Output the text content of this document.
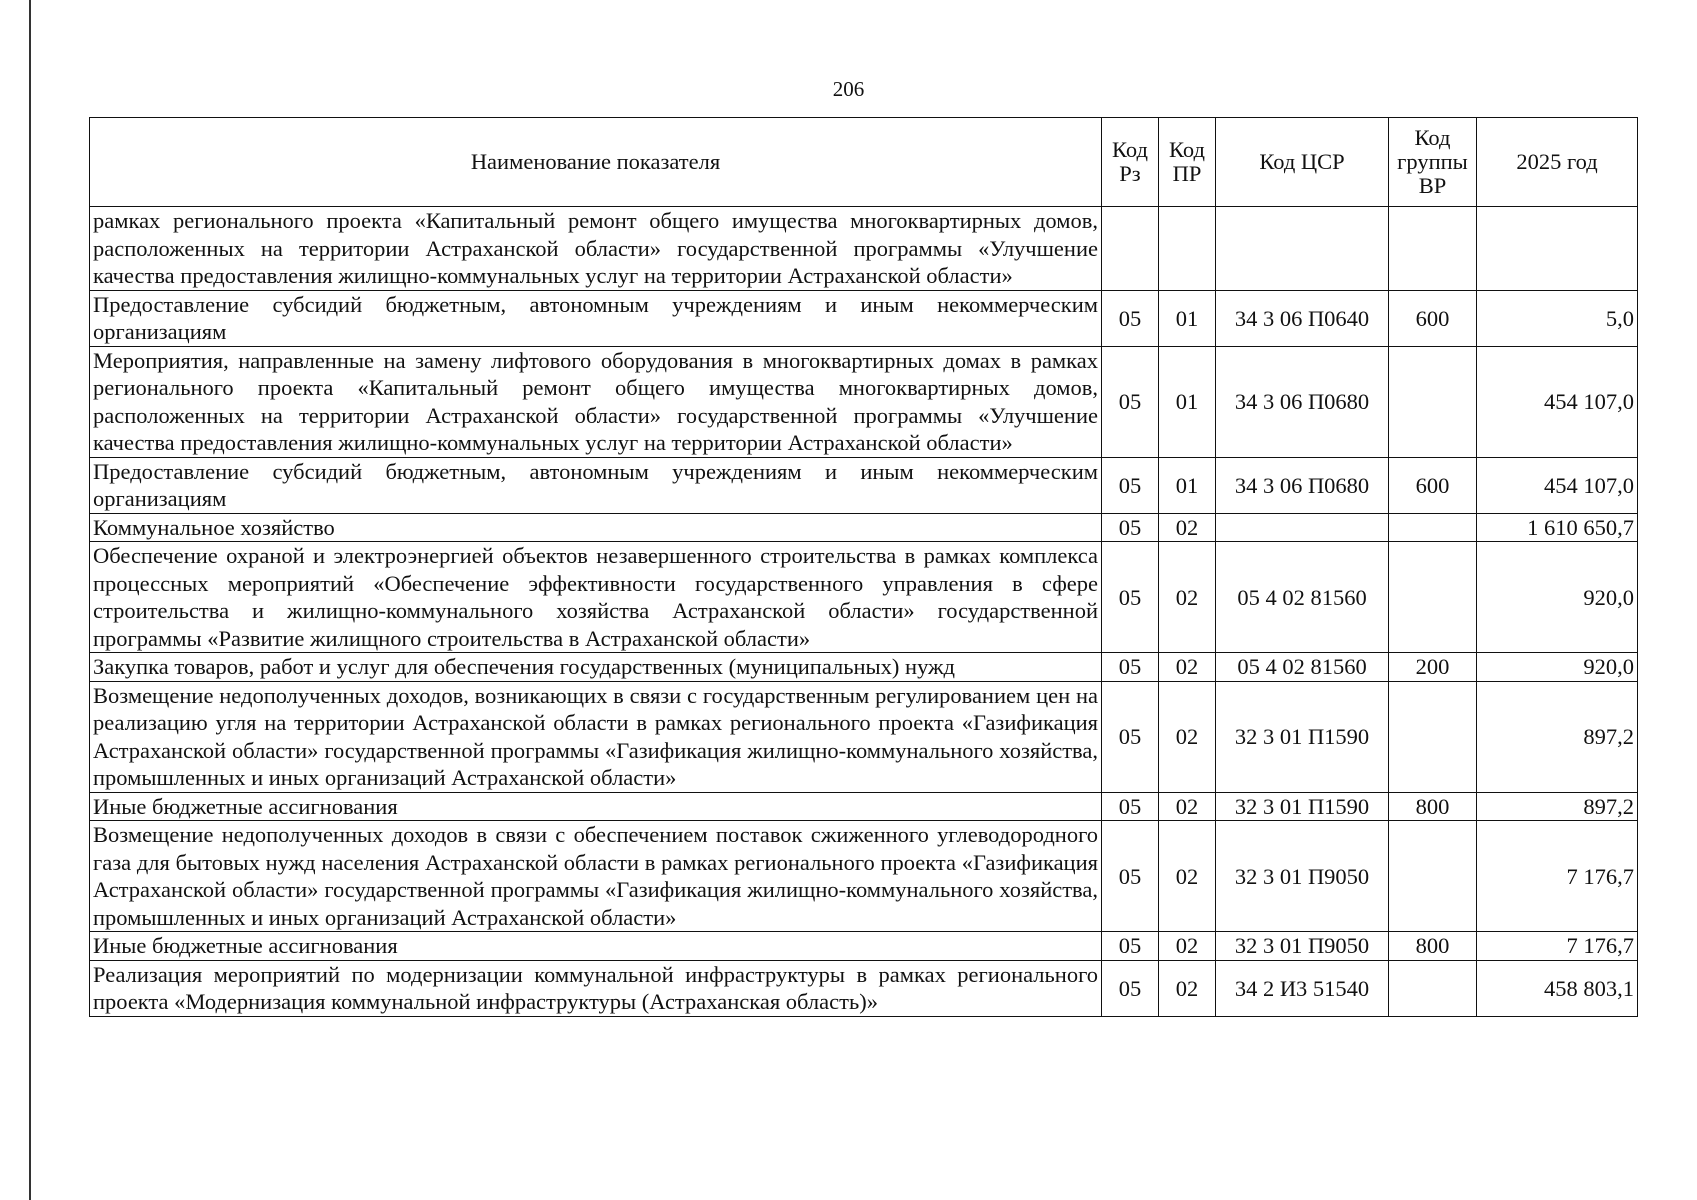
206
Наименование показателя	Код Рз	Код ПР	Код ЦСР	Код группы ВР	2025 год
рамках регионального проекта «Капитальный ремонт общего имущества многоквартирных домов, расположенных на территории Астраханской области» государственной программы «Улучшение качества предоставления жилищно-коммунальных услуг на территории Астраханской области»					
Предоставление субсидий бюджетным, автономным учреждениям и иным некоммерческим организациям	05	01	34 3 06 П0640	600	5,0
Мероприятия, направленные на замену лифтового оборудования в многоквартирных домах в рамках регионального проекта «Капитальный ремонт общего имущества многоквартирных домов, расположенных на территории Астраханской области» государственной программы «Улучшение качества предоставления жилищно-коммунальных услуг на территории Астраханской области»	05	01	34 3 06 П0680		454 107,0
Предоставление субсидий бюджетным, автономным учреждениям и иным некоммерческим организациям	05	01	34 3 06 П0680	600	454 107,0
Коммунальное хозяйство	05	02			1 610 650,7
Обеспечение охраной и электроэнергией объектов незавершенного строительства в рамках комплекса процессных мероприятий «Обеспечение эффективности государственного управления в сфере строительства и жилищно-коммунального хозяйства Астраханской области» государственной программы «Развитие жилищного строительства в Астраханской области»	05	02	05 4 02 81560		920,0
Закупка товаров, работ и услуг для обеспечения государственных (муниципальных) нужд	05	02	05 4 02 81560	200	920,0
Возмещение недополученных доходов, возникающих в связи с государственным регулированием цен на реализацию угля на территории Астраханской области в рамках регионального проекта «Газификация Астраханской области» государственной программы «Газификация жилищно-коммунального хозяйства, промышленных и иных организаций Астраханской области»	05	02	32 3 01 П1590		897,2
Иные бюджетные ассигнования	05	02	32 3 01 П1590	800	897,2
Возмещение недополученных доходов в связи с обеспечением поставок сжиженного углеводородного газа для бытовых нужд населения Астраханской области в рамках регионального проекта «Газификация Астраханской области» государственной программы «Газификация жилищно-коммунального хозяйства, промышленных и иных организаций Астраханской области»	05	02	32 3 01 П9050		7 176,7
Иные бюджетные ассигнования	05	02	32 3 01 П9050	800	7 176,7
Реализация мероприятий по модернизации коммунальной инфраструктуры в рамках регионального проекта «Модернизация коммунальной инфраструктуры (Астраханская область)»	05	02	34 2 И3 51540		458 803,1
